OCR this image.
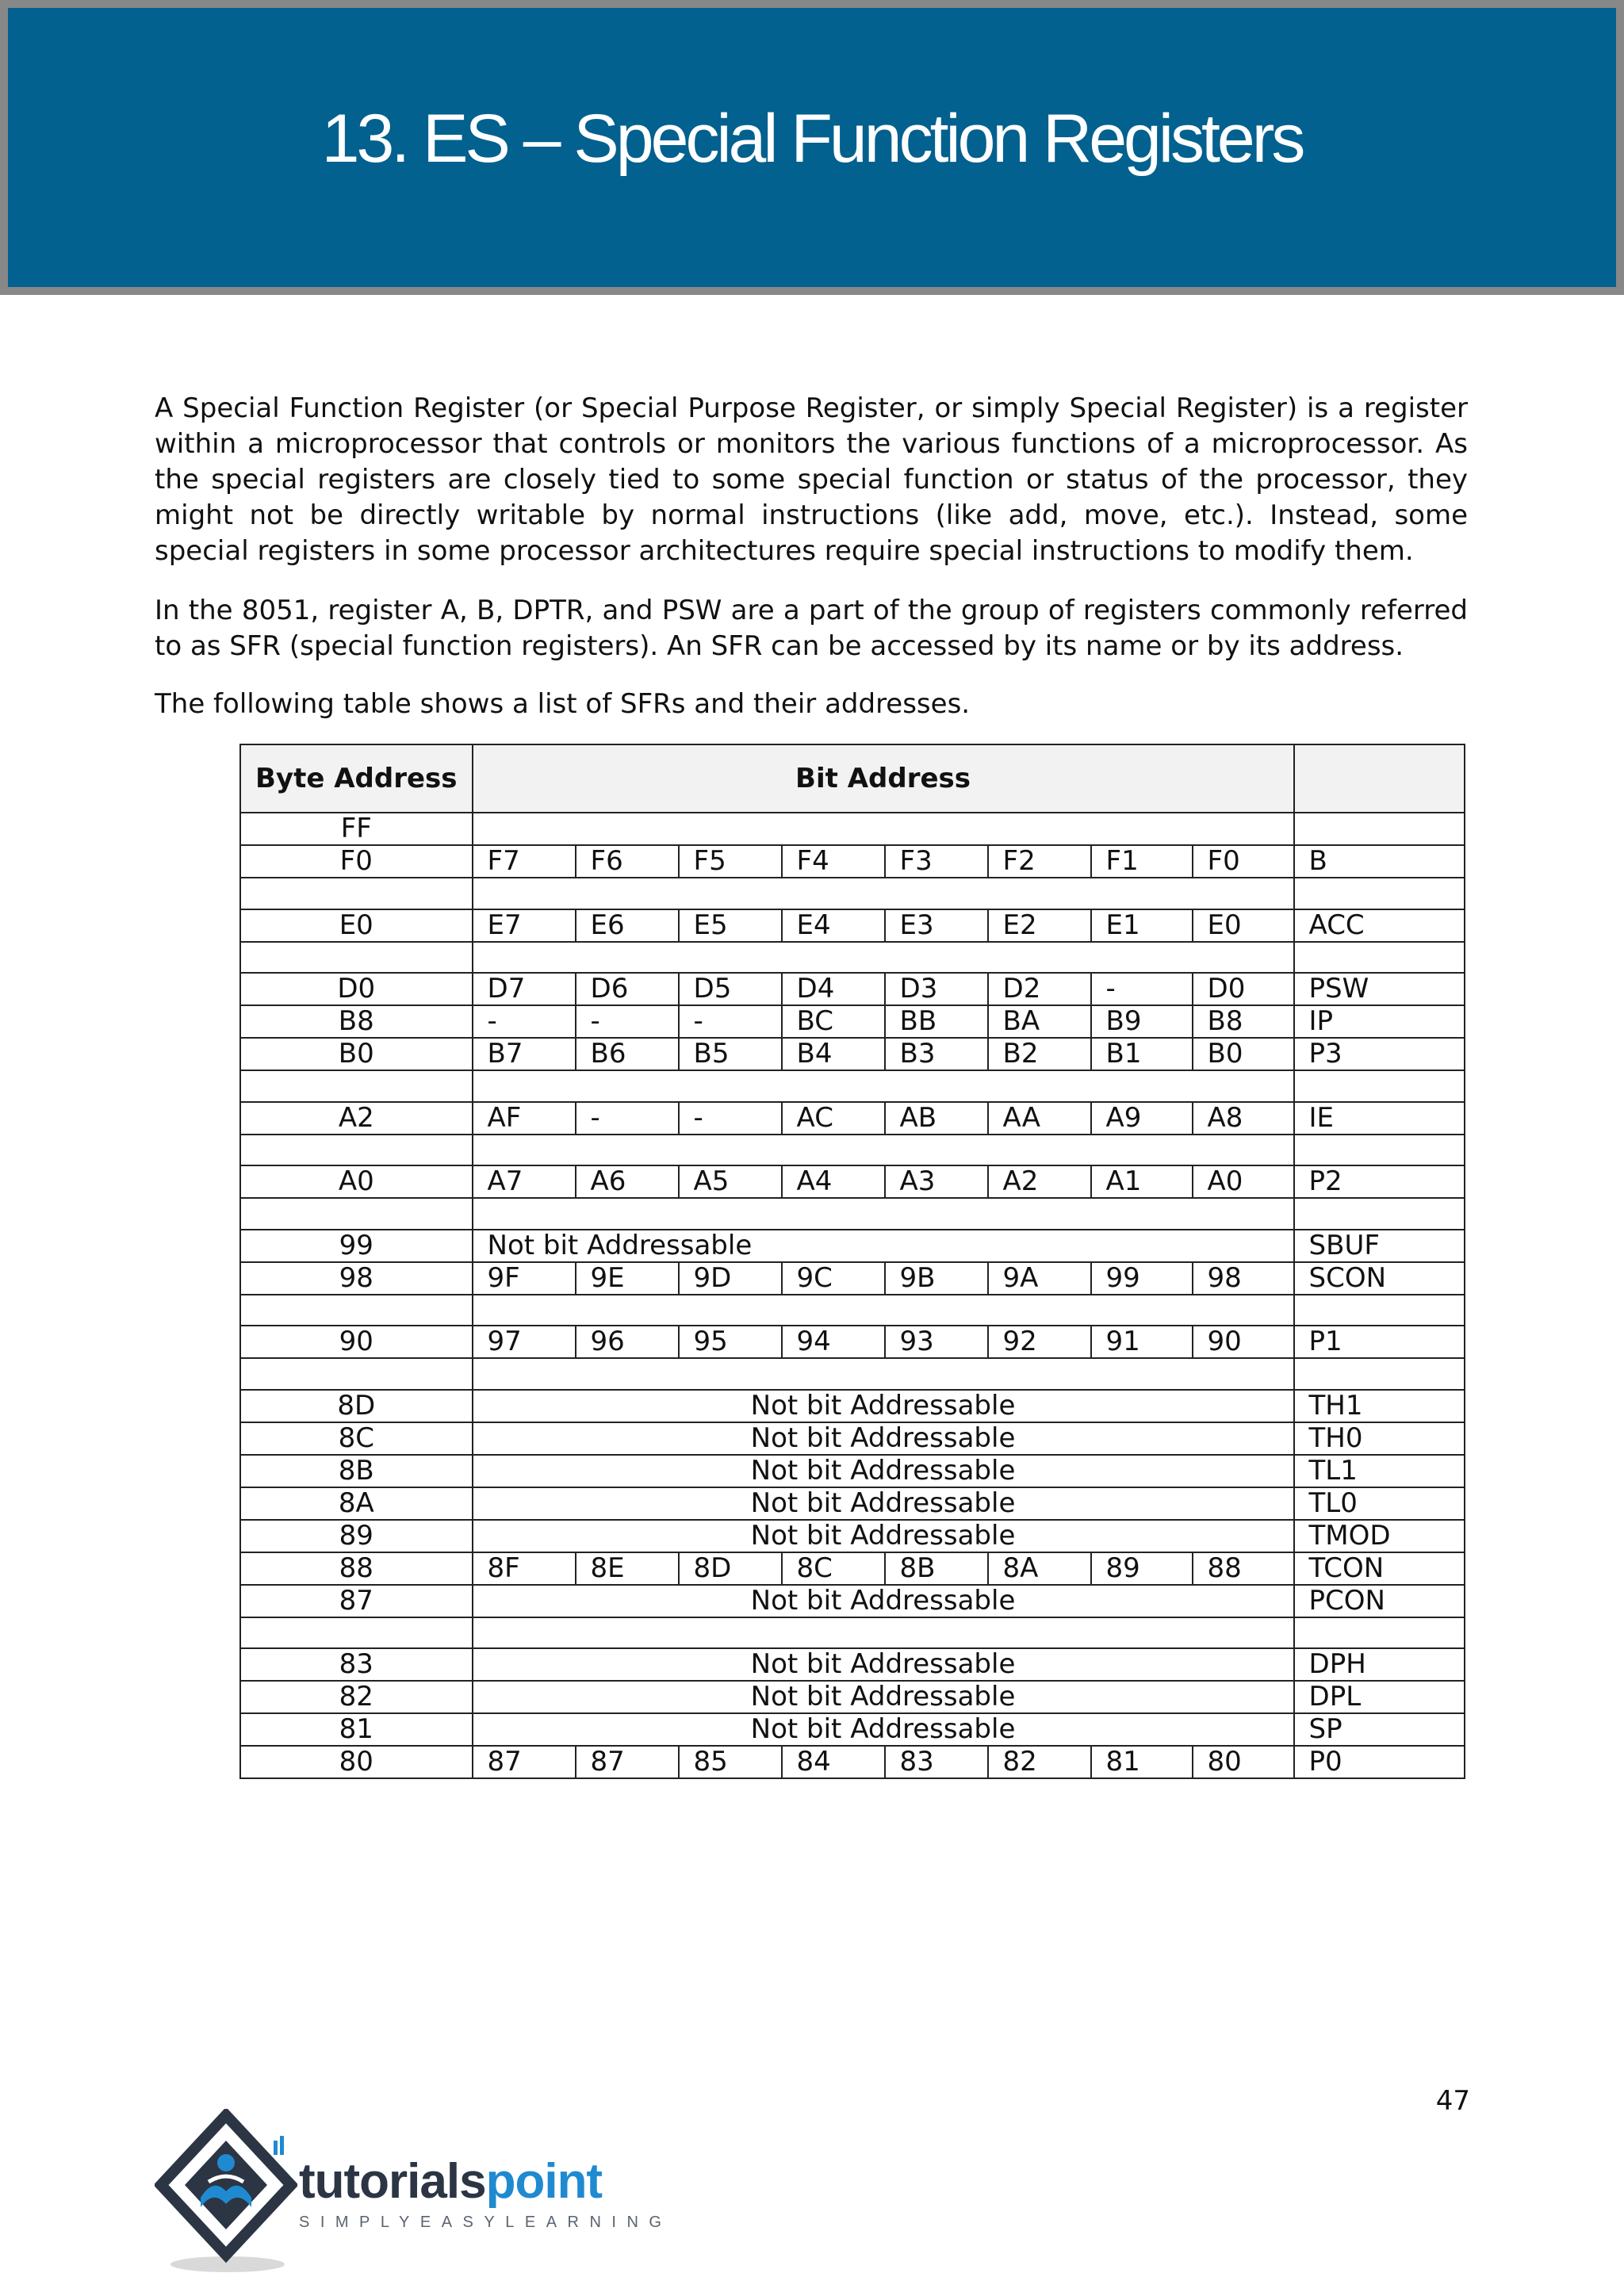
13. ES – Special Function Registers

A Special Function Register (or Special Purpose Register, or simply Special Register) is a register within a microprocessor that controls or monitors the various functions of a microprocessor. As the special registers are closely tied to some special function or status of the processor, they might not be directly writable by normal instructions (like add, move, etc.). Instead, some special registers in some processor architectures require special instructions to modify them.

In the 8051, register A, B, DPTR, and PSW are a part of the group of registers commonly referred to as SFR (special function registers). An SFR can be accessed by its name or by its address.

The following table shows a list of SFRs and their addresses.

Byte Address	Bit Address								
FF									
F0	F7	F6	F5	F4	F3	F2	F1	F0	B

E0	E7	E6	E5	E4	E3	E2	E1	E0	ACC

D0	D7	D6	D5	D4	D3	D2	-	D0	PSW
B8	-	-	-	BC	BB	BA	B9	B8	IP
B0	B7	B6	B5	B4	B3	B2	B1	B0	P3

A2	AF	-	-	AC	AB	AA	A9	A8	IE

A0	A7	A6	A5	A4	A3	A2	A1	A0	P2

99	Not bit Addressable								SBUF
98	9F	9E	9D	9C	9B	9A	99	98	SCON

90	97	96	95	94	93	92	91	90	P1

8D	Not bit Addressable								TH1
8C	Not bit Addressable								TH0
8B	Not bit Addressable								TL1
8A	Not bit Addressable								TL0
89	Not bit Addressable								TMOD
88	8F	8E	8D	8C	8B	8A	89	88	TCON
87	Not bit Addressable								PCON

83	Not bit Addressable								DPH
82	Not bit Addressable								DPL
81	Not bit Addressable								SP
80	87	87	85	84	83	82	81	80	P0
47
tutorialspoint
SIMPLYEASYLEARNING
